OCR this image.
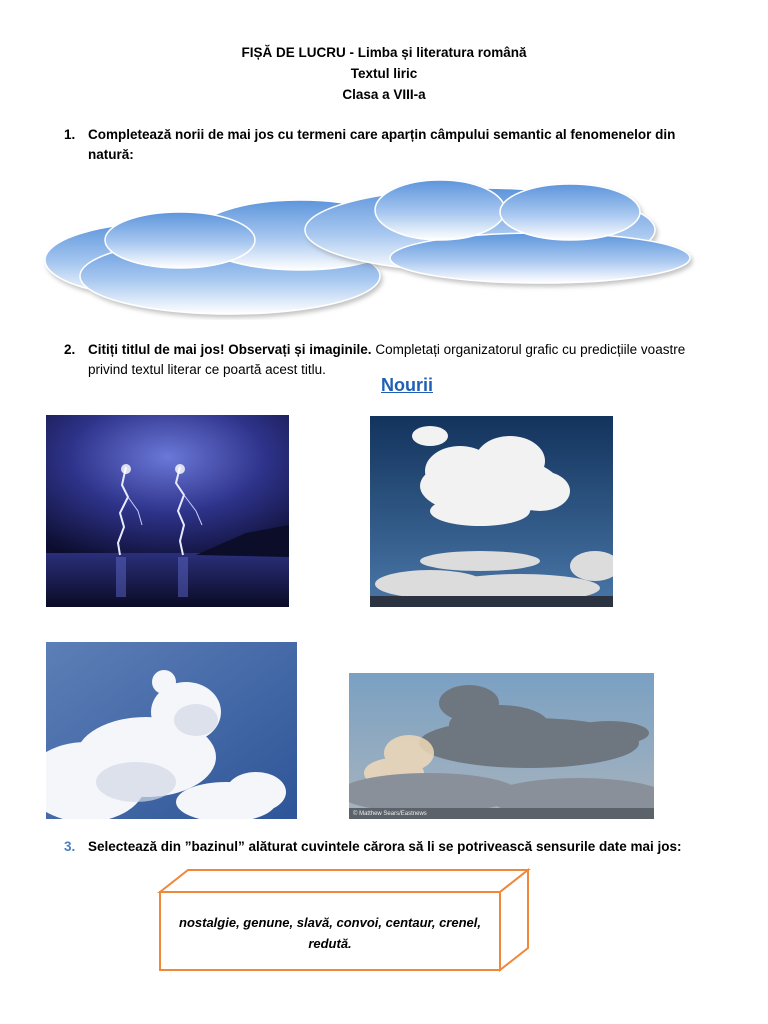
FIȘĂ DE LUCRU - Limba și literatura română
Textul liric
Clasa a VIII-a
1. Completează norii de mai jos cu termeni care aparțin câmpului semantic al fenomenelor din natură:
2. Citiți titlul de mai jos! Observați și imaginile. Completați organizatorul grafic cu predicțiile voastre privind textul literar ce poartă acest titlu.
Nourii
© Matthew Sears/Eastnews
3. Selectează din ”bazinul” alăturat cuvintele cărora să li se potrivească sensurile date mai jos:
nostalgie, genune, slavă, convoi, centaur, crenel, redută.
